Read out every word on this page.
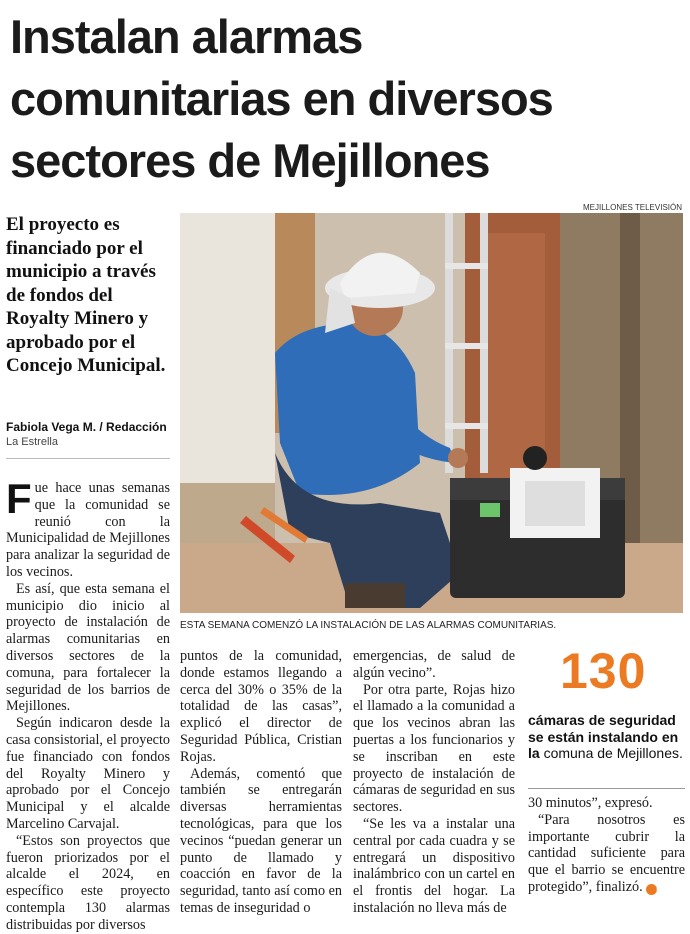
Instalan alarmas
comunitarias en diversos
sectores de Mejillones
MEJILLONES TELEVISIÓN
El proyecto es financiado por el municipio a través de fondos del Royalty Minero y aprobado por el Concejo Municipal.
Fabiola Vega M. / Redacción
La Estrella
ESTA SEMANA COMENZÓ LA INSTALACIÓN DE LAS ALARMAS COMUNITARIAS.

Fue hace unas semanas que la comunidad se reunió con la Municipalidad de Mejillones para analizar la seguridad de los vecinos.

Es así, que esta semana el municipio dio inicio al proyecto de instalación de alarmas comunitarias en diversos sectores de la comuna, para fortalecer la seguridad de los barrios de Mejillones.

Según indicaron desde la casa consistorial, el proyecto fue financiado con fondos del Royalty Minero y aprobado por el Concejo Municipal y el alcalde Marcelino Carvajal.

“Estos son proyectos que fueron priorizados por el alcalde el 2024, en específico este proyecto contempla 130 alarmas distribuidas por diversos

puntos de la comunidad, donde estamos llegando a cerca del 30% o 35% de la totalidad de las casas”, explicó el director de Seguridad Pública, Cristian Rojas.

Además, comentó que también se entregarán diversas herramientas tecnológicas, para que los vecinos “puedan generar un punto de llamado y coacción en favor de la seguridad, tanto así como en temas de inseguridad o

emergencias, de salud de algún vecino”.

Por otra parte, Rojas hizo el llamado a la comunidad a que los vecinos abran las puertas a los funcionarios y se inscriban en este proyecto de instalación de cámaras de seguridad en sus sectores.

“Se les va a instalar una central por cada cuadra y se entregará un dispositivo inalámbrico con un cartel en el frontis del hogar. La instalación no lleva más de

130
cámaras de seguridad se están instalando en la comuna de Mejillones.

30 minutos”, expresó.

“Para nosotros es importante cubrir la cantidad suficiente para que el barrio se encuentre protegido”, finalizó. ✪
